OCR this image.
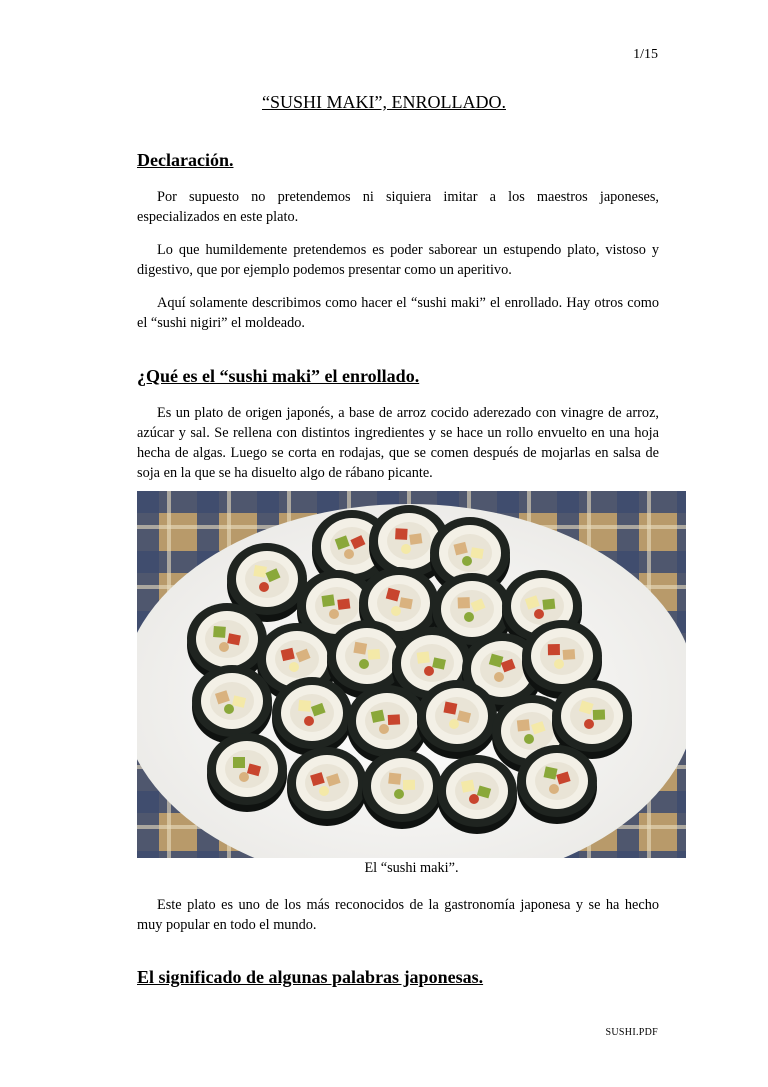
1/15
“SUSHI MAKI”, ENROLLADO.
Declaración.

Por supuesto no pretendemos ni siquiera imitar a los maestros japoneses, especializados en este plato.

Lo que humildemente pretendemos es poder saborear un estupendo plato, vistoso y digestivo, que por ejemplo podemos presentar como un aperitivo.

Aquí solamente describimos como hacer el “sushi maki” el enrollado. Hay otros como el “sushi nigiri” el moldeado.

¿Qué es el “sushi maki” el enrollado.

Es un plato de origen japonés, a base de arroz cocido aderezado con vinagre de arroz, azúcar y sal. Se rellena con distintos ingredientes y se hace un rollo envuelto en una hoja hecha de algas. Luego se corta en rodajas, que se comen después de mojarlas en salsa de soja en la que se ha disuelto algo de rábano picante.

El “sushi maki”.

Este plato es uno de los más reconocidos de la gastronomía japonesa y se ha hecho muy popular en todo el mundo.

El significado de algunas palabras japonesas.
SUSHI.PDF
